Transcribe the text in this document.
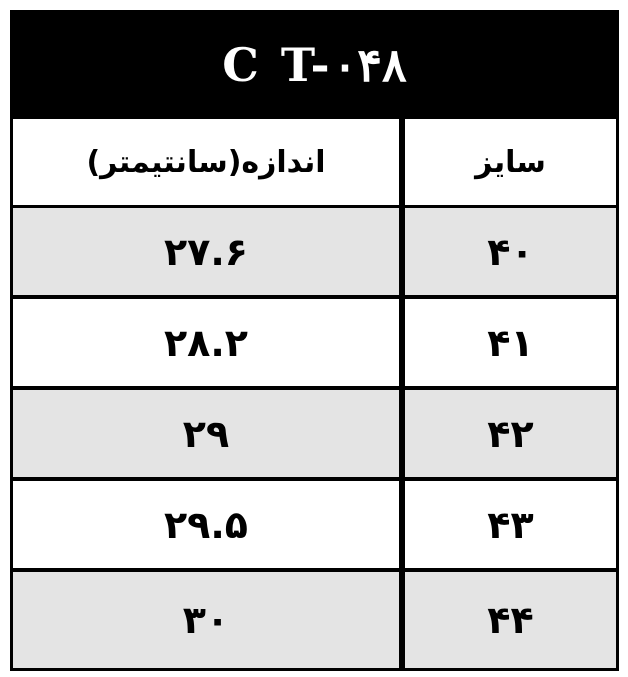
C T-۰۴۸
اندازه(سانتیمتر)	سایز
۲۷.۶	۴۰
۲۸.۲	۴۱
۲۹	۴۲
۲۹.۵	۴۳
۳۰	۴۴
